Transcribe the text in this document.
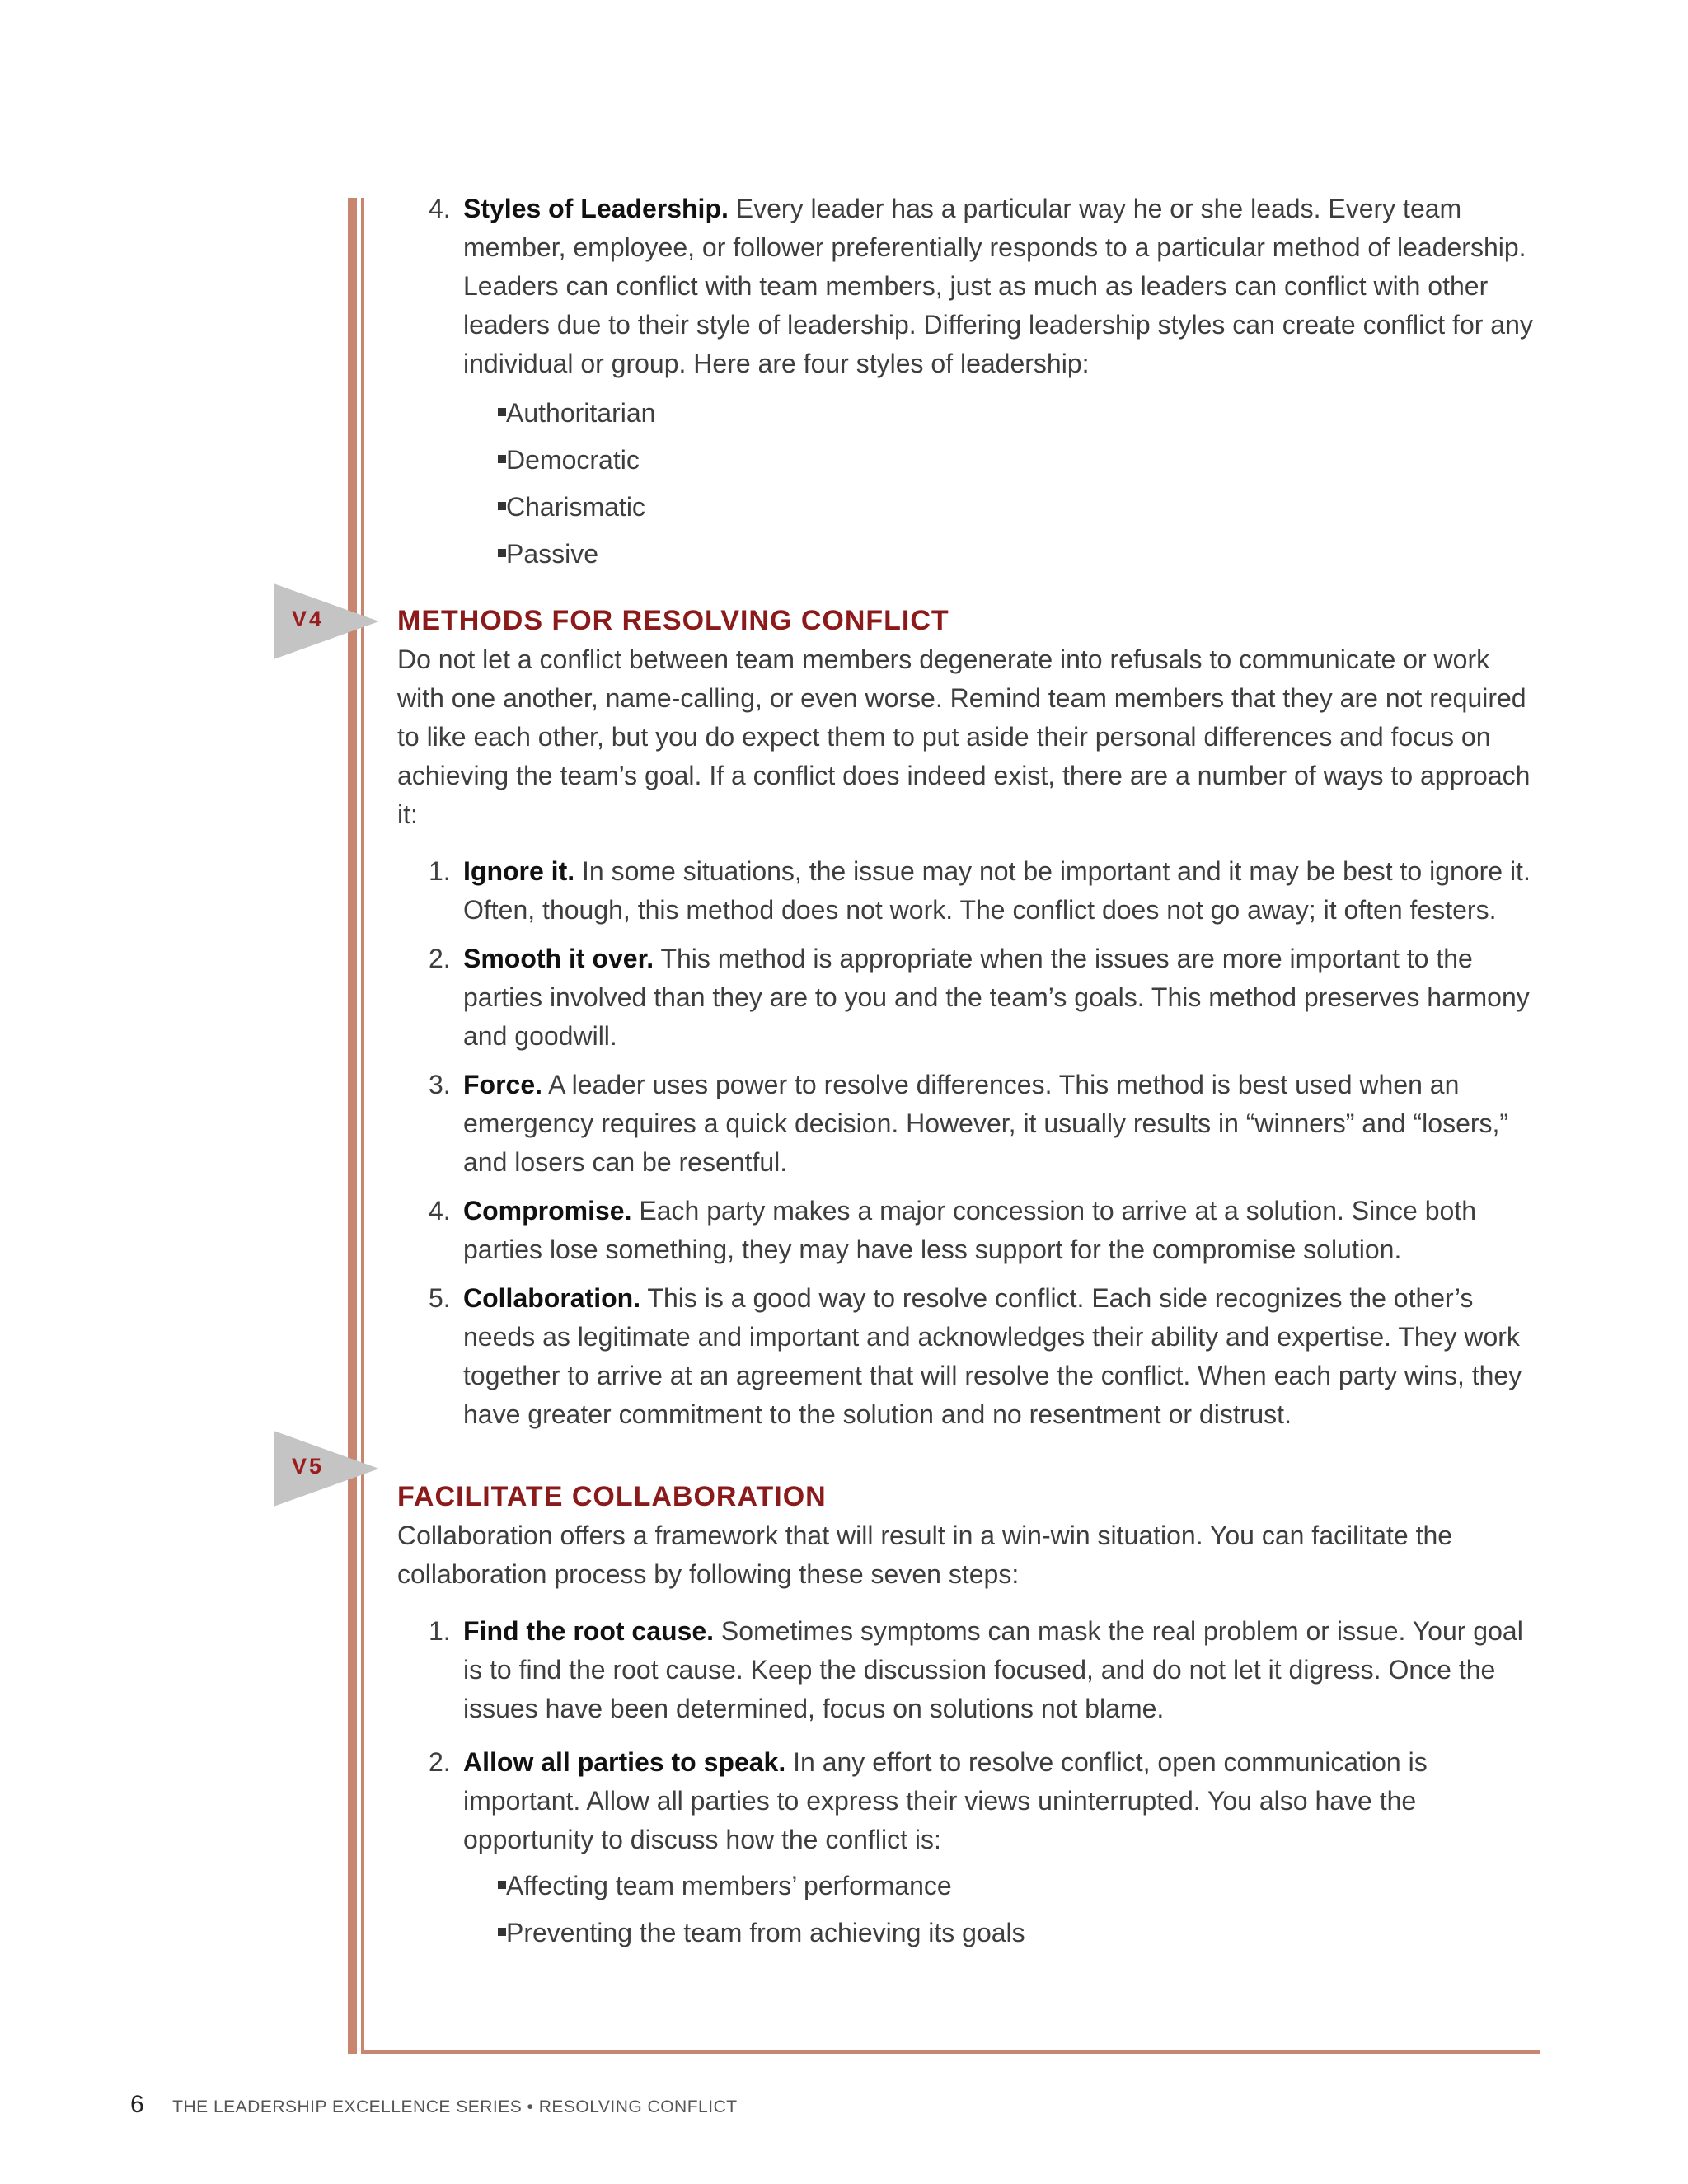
V4
V5
4. Styles of Leadership. Every leader has a particular way he or she leads. Every team member, employee, or follower preferentially responds to a particular method of leadership. Leaders can conflict with team members, just as much as leaders can conflict with other leaders due to their style of leadership. Differing leadership styles can create conflict for any individual or group. Here are four styles of leadership:
Authoritarian
Democratic
Charismatic
Passive
METHODS FOR RESOLVING CONFLICT

Do not let a conflict between team members degenerate into refusals to communicate or work with one another, name-calling, or even worse. Remind team members that they are not required to like each other, but you do expect them to put aside their personal differences and focus on achieving the team’s goal. If a conflict does indeed exist, there are a number of ways to approach it:

1. Ignore it. In some situations, the issue may not be important and it may be best to ignore it. Often, though, this method does not work. The conflict does not go away; it often festers.
2. Smooth it over. This method is appropriate when the issues are more important to the parties involved than they are to you and the team’s goals. This method preserves harmony and goodwill.
3. Force. A leader uses power to resolve differences. This method is best used when an emergency requires a quick decision. However, it usually results in “winners” and “losers,” and losers can be resentful.
4. Compromise. Each party makes a major concession to arrive at a solution. Since both parties lose something, they may have less support for the compromise solution.
5. Collaboration. This is a good way to resolve conflict. Each side recognizes the other’s needs as legitimate and important and acknowledges their ability and expertise. They work together to arrive at an agreement that will resolve the conflict. When each party wins, they have greater commitment to the solution and no resentment or distrust.
FACILITATE COLLABORATION

Collaboration offers a framework that will result in a win-win situation. You can facilitate the collaboration process by following these seven steps:

1. Find the root cause. Sometimes symptoms can mask the real problem or issue. Your goal is to find the root cause. Keep the discussion focused, and do not let it digress. Once the issues have been determined, focus on solutions not blame.
2. Allow all parties to speak. In any effort to resolve conflict, open communication is important. Allow all parties to express their views uninterrupted. You also have the opportunity to discuss how the conflict is:
Affecting team members’ performance
Preventing the team from achieving its goals
6 THE LEADERSHIP EXCELLENCE SERIES • RESOLVING CONFLICT
